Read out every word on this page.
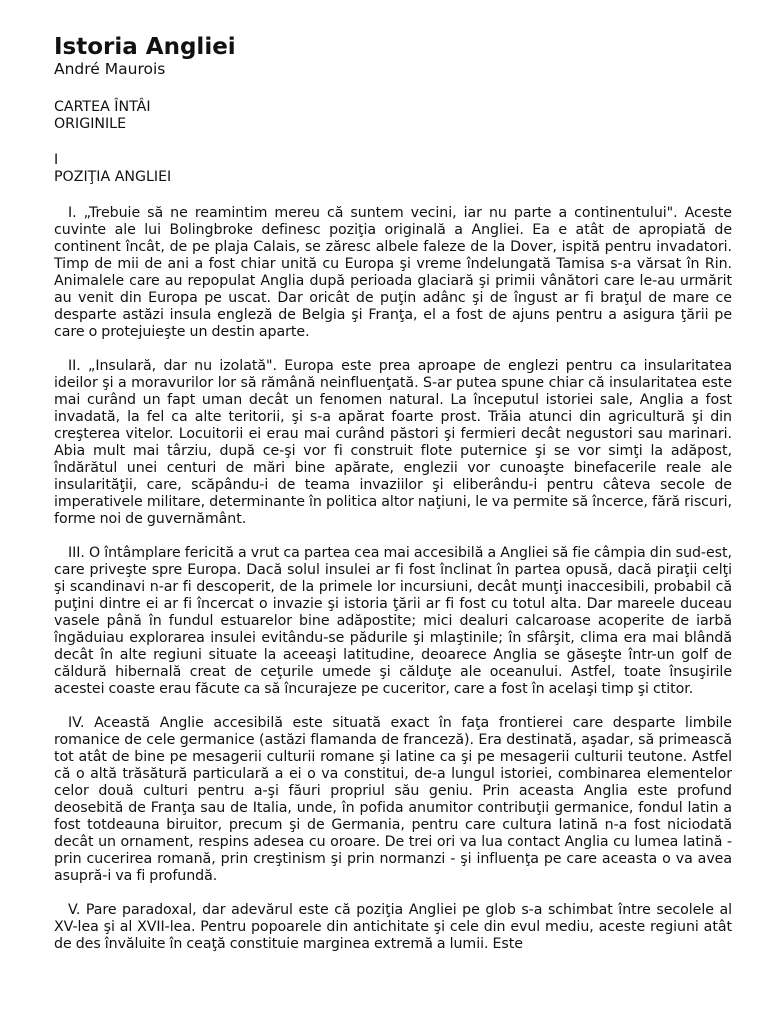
Istoria Angliei
André Maurois
CARTEA ÎNTÂI
ORIGINILE
I
POZIŢIA ANGLIEI

I. „Trebuie să ne reamintim mereu că suntem vecini, iar nu parte a continentului". Aceste cuvinte ale lui Bolingbroke definesc poziţia originală a Angliei. Ea e atât de apropiată de continent încât, de pe plaja Calais, se zăresc albele faleze de la Dover, ispită pentru invadatori. Timp de mii de ani a fost chiar unită cu Europa şi vreme îndelungată Tamisa s-a vărsat în Rin. Animalele care au repopulat Anglia după perioada glaciară şi primii vânători care le-au urmărit au venit din Europa pe uscat. Dar oricât de puţin adânc şi de îngust ar fi braţul de mare ce desparte astăzi insula engleză de Belgia şi Franţa, el a fost de ajuns pentru a asigura ţării pe care o protejuieşte un destin aparte.

II. „Insulară, dar nu izolată". Europa este prea aproape de englezi pentru ca insularitatea ideilor şi a moravurilor lor să rămână neinfluenţată. S-ar putea spune chiar că insularitatea este mai curând un fapt uman decât un fenomen natural. La începutul istoriei sale, Anglia a fost invadată, la fel ca alte teritorii, şi s-a apărat foarte prost. Trăia atunci din agricultură şi din creşterea vitelor. Locuitorii ei erau mai curând păstori şi fermieri decât negustori sau marinari. Abia mult mai târziu, după ce-şi vor fi construit flote puternice şi se vor simţi la adăpost, îndărătul unei centuri de mări bine apărate, englezii vor cunoaşte binefacerile reale ale insularităţii, care, scăpându-i de teama invaziilor şi eliberându-i pentru câteva secole de imperativele militare, determinante în politica altor naţiuni, le va permite să încerce, fără riscuri, forme noi de guvernământ.

III. O întâmplare fericită a vrut ca partea cea mai accesibilă a Angliei să fie câmpia din sud-est, care priveşte spre Europa. Dacă solul insulei ar fi fost înclinat în partea opusă, dacă piraţii celţi şi scandinavi n-ar fi descoperit, de la primele lor incursiuni, decât munţi inaccesibili, probabil că puţini dintre ei ar fi încercat o invazie şi istoria ţării ar fi fost cu totul alta. Dar mareele duceau vasele până în fundul estuarelor bine adăpostite; mici dealuri calcaroase acoperite de iarbă îngăduiau explorarea insulei evitându-se pădurile şi mlaştinile; în sfârşit, clima era mai blândă decât în alte regiuni situate la aceeaşi latitudine, deoarece Anglia se găseşte într-un golf de căldură hibernală creat de ceţurile umede şi călduţe ale oceanului. Astfel, toate însuşirile acestei coaste erau făcute ca să încurajeze pe cuceritor, care a fost în acelaşi timp şi ctitor.

IV. Această Anglie accesibilă este situată exact în faţa frontierei care desparte limbile romanice de cele germanice (astăzi flamanda de franceză). Era destinată, aşadar, să primească tot atât de bine pe mesagerii culturii romane şi latine ca şi pe mesagerii culturii teutone. Astfel că o altă trăsătură particulară a ei o va constitui, de-a lungul istoriei, combinarea elementelor celor două culturi pentru a-şi făuri propriul său geniu. Prin aceasta Anglia este profund deosebită de Franţa sau de Italia, unde, în pofida anumitor contribuţii germanice, fondul latin a fost totdeauna biruitor, precum şi de Germania, pentru care cultura latină n-a fost niciodată decât un ornament, respins adesea cu oroare. De trei ori va lua contact Anglia cu lumea latină - prin cucerirea romană, prin creştinism şi prin normanzi - şi influenţa pe care aceasta o va avea asupră-i va fi profundă.

V. Pare paradoxal, dar adevărul este că poziţia Angliei pe glob s-a schimbat între secolele al XV-lea şi al XVII-lea. Pentru popoarele din antichitate şi cele din evul mediu, aceste regiuni atât de des învăluite în ceaţă constituie marginea extremă a lumii. Este
